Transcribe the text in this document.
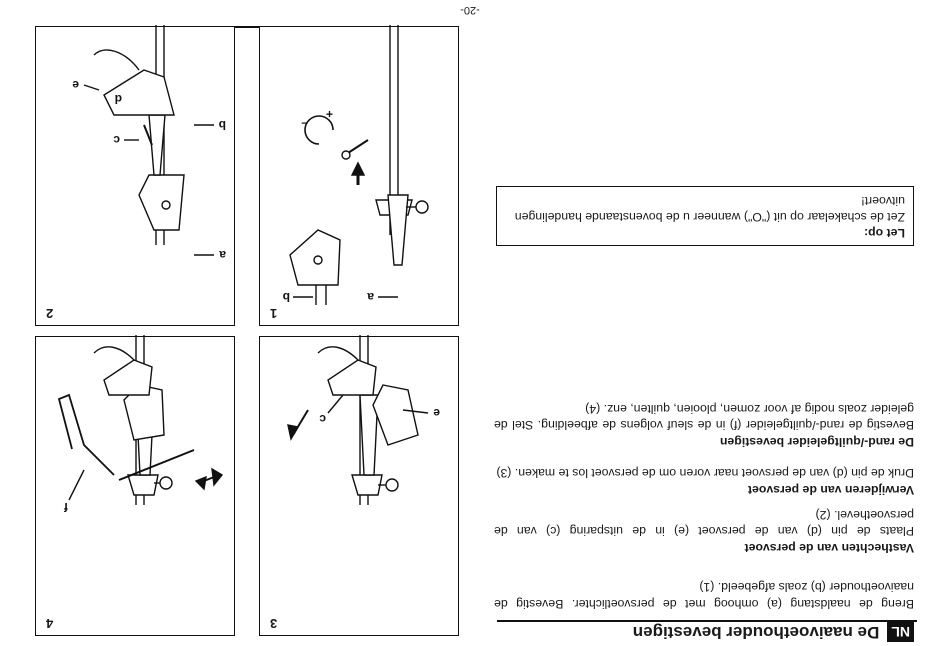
-20-
NL
De naaivoethouder bevestigen

Breng de naaldstang (a) omhoog met de persvoetlichter. Bevestig de naaivoethouder (b) zoals afgebeeld. (1)

Vasthechten van de persvoet

Plaats de pin (d) van de persvoet (e) in de uitsparing (c) van de persvoethevel. (2)

Verwijderen van de persvoet

Druk de pin (d) van de persvoet naar voren om de persvoet los te maken. (3)

De rand-/quiltgeleider bevestigen

Bevestig de rand-/quiltgeleider (f) in de sleuf volgens de afbeelding. Stel de geleider zoals nodig af voor zomen, plooien, quilten, enz. (4)

Let op:
Zet de schakelaar op uit ("O") wanneer u de bovenstaande handelingen uitvoert!
1
a
b
–
+
2
a
b
c
d
e
3
e
c
4
f
